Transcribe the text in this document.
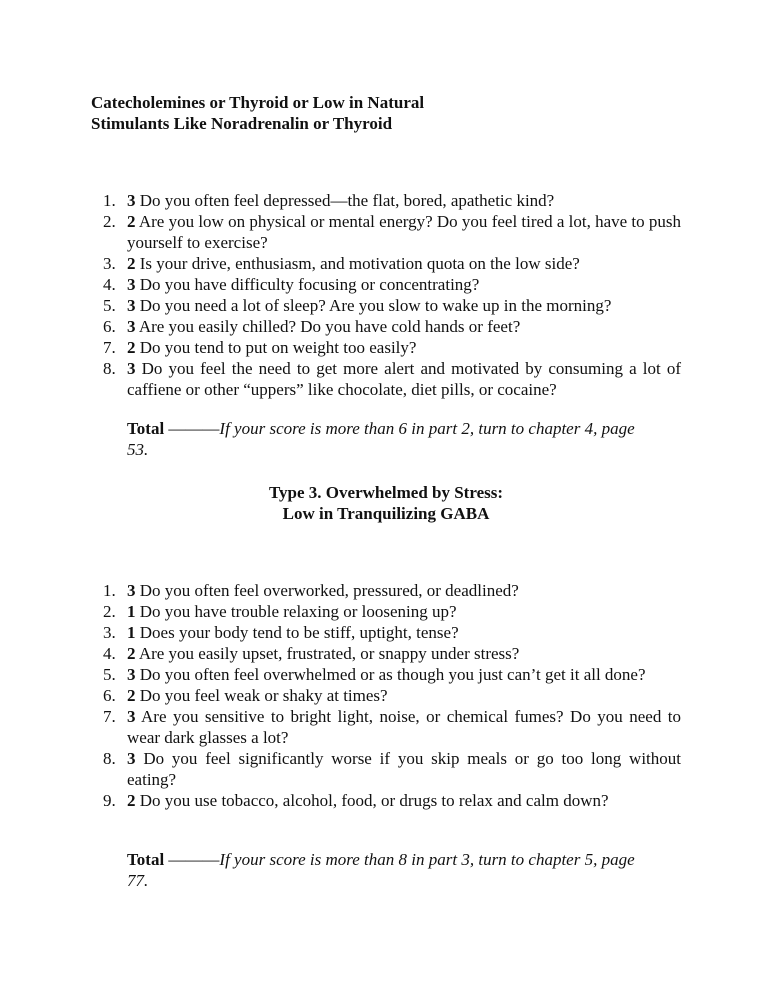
Catecholemines or Thyroid or Low in Natural
Stimulants Like Noradrenalin or Thyroid
1. 3 Do you often feel depressed—the flat, bored, apathetic kind?
2. 2 Are you low on physical or mental energy? Do you feel tired a lot, have to push yourself to exercise?
3. 2 Is your drive, enthusiasm, and motivation quota on the low side?
4. 3 Do you have difficulty focusing or concentrating?
5. 3 Do you need a lot of sleep? Are you slow to wake up in the morning?
6. 3 Are you easily chilled? Do you have cold hands or feet?
7. 2 Do you tend to put on weight too easily?
8. 3 Do you feel the need to get more alert and motivated by consuming a lot of caffiene or other “uppers” like chocolate, diet pills, or cocaine?
Total ———If your score is more than 6 in part 2, turn to chapter 4, page 53.
Type 3. Overwhelmed by Stress:
Low in Tranquilizing GABA
1. 3 Do you often feel overworked, pressured, or deadlined?
2. 1 Do you have trouble relaxing or loosening up?
3. 1 Does your body tend to be stiff, uptight, tense?
4. 2 Are you easily upset, frustrated, or snappy under stress?
5. 3 Do you often feel overwhelmed or as though you just can’t get it all done?
6. 2 Do you feel weak or shaky at times?
7. 3 Are you sensitive to bright light, noise, or chemical fumes? Do you need to wear dark glasses a lot?
8. 3 Do you feel significantly worse if you skip meals or go too long without eating?
9. 2 Do you use tobacco, alcohol, food, or drugs to relax and calm down?
Total ———If your score is more than 8 in part 3, turn to chapter 5, page 77.
